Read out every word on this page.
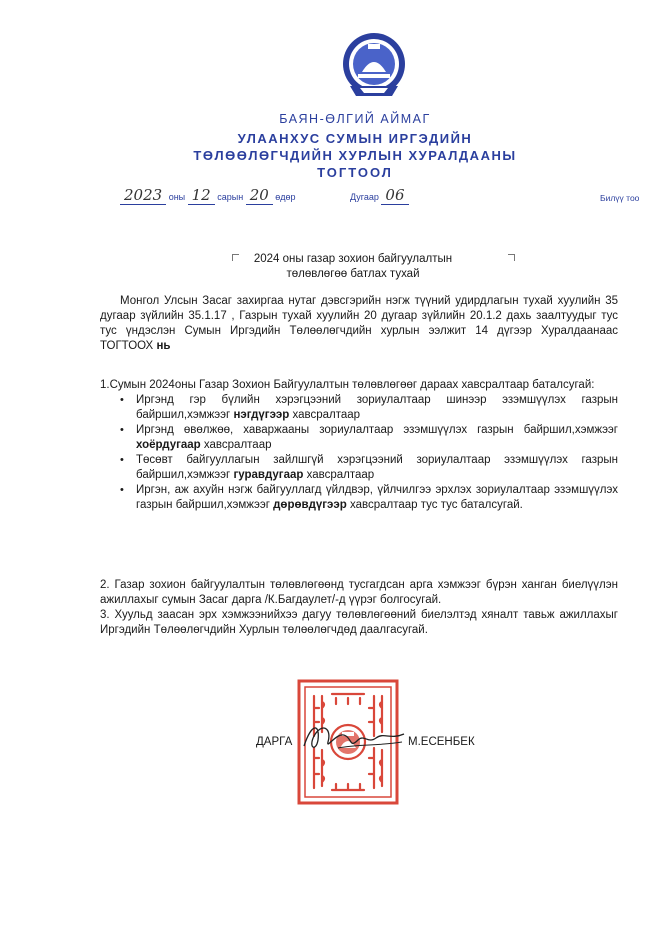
БАЯН-ӨЛГИЙ АЙМАГ
УЛААНХУС СУМЫН ИРГЭДИЙН
ТӨЛӨӨЛӨГЧДИЙН ХУРЛЫН ХУРАЛДААНЫ
ТОГТООЛ
2023 оны 12 сарын 20 өдөр	Дугаар 06	Билүү тоо
2024 оны газар зохион байгуулалтын
төлөвлөгөө батлах тухай
Монгол Улсын Засаг захиргаа нутаг дэвсгэрийн нэгж түүний удирдлагын тухай хуулийн 35 дугаар зүйлийн 35.1.17 , Газрын тухай хуулийн 20 дугаар зүйлийн 20.1.2 дахь заалтуудыг тус тус үндэслэн Сумын Иргэдийн Төлөөлөгчдийн хурлын ээлжит 14 дүгээр Хуралдаанаас ТОГТООХ нь
1.Сумын 2024оны Газар Зохион Байгуулалтын төлөвлөгөөг дараах хавсралтаар баталсугай:
• Иргэнд гэр бүлийн хэрэгцээний зориулалтаар шинээр эзэмшүүлэх газрын байршил,хэмжээг нэгдүгээр хавсралтаар
• Иргэнд өвөлжөө, хаваржааны зориулалтаар эзэмшүүлэх газрын байршил,хэмжээг хоёрдугаар хавсралтаар
• Төсөвт байгууллагын зайлшгүй хэрэгцээний зориулалтаар эзэмшүүлэх газрын байршил,хэмжээг гуравдугаар хавсралтаар
• Иргэн, аж ахуйн нэгж байгууллагд үйлдвэр, үйлчилгээ эрхлэх зориулалтаар эзэмшүүлэх газрын байршил,хэмжээг дөрөвдүгээр хавсралтаар тус тус баталсугай.
2. Газар зохион байгуулалтын төлөвлөгөөнд тусгагдсан арга хэмжээг бүрэн ханган биелүүлэн ажиллахыг сумын Засаг дарга /К.Багдаулет/-д үүрэг болгосугай.
3. Хуульд заасан эрх хэмжээнийхээ дагуу төлөвлөгөөний биелэлтэд хяналт тавьж ажиллахыг Иргэдийн Төлөөлөгчдийн Хурлын төлөөлөгчдөд даалгасугай.
ДАРГА	М.ЕСЕНБЕК
